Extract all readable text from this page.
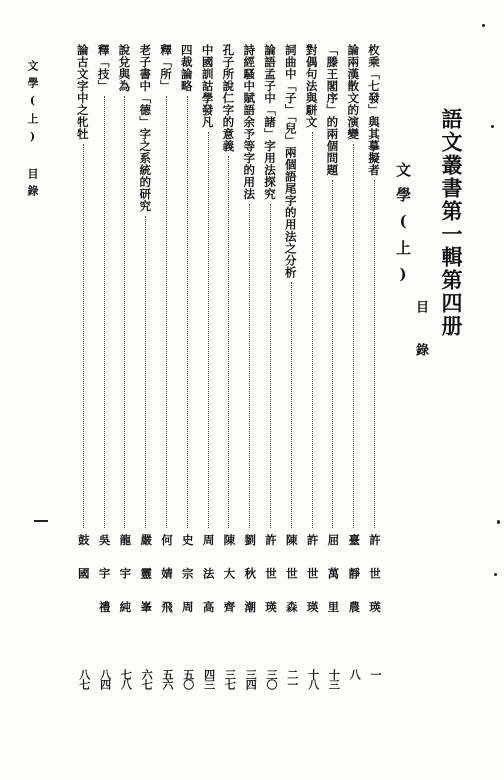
語文叢書第一輯第四册
文學(上)
目錄
枚乘「七發」與其摹擬者
許世瑛
一
論兩漢散文的演變
臺靜農
八
「滕王閣序」的兩個問題
屈萬里
十三
對偶句法與駢文
許世瑛
十八
詞曲中「子」「兒」兩個語尾字的用法之分析
陳世森
二一
論語孟子中「諸」字用法探究
許世瑛
三〇
詩經騷中賦語余予等字的用法
劉秋潮
三四
孔子所說仁字的意義
陳大齊
三七
中國訓詁學發凡
周法高
四三
四裁論略
史宗周
五〇
釋「所」
何婧飛
五六
老子書中「德」字之系統的研究
嚴靈峯
六七
說兌與為
龍宇純
七八
釋「技」
吳宇禮
八四
論古文字中之牝牡
鼓國
八七
文學(上) 目錄
